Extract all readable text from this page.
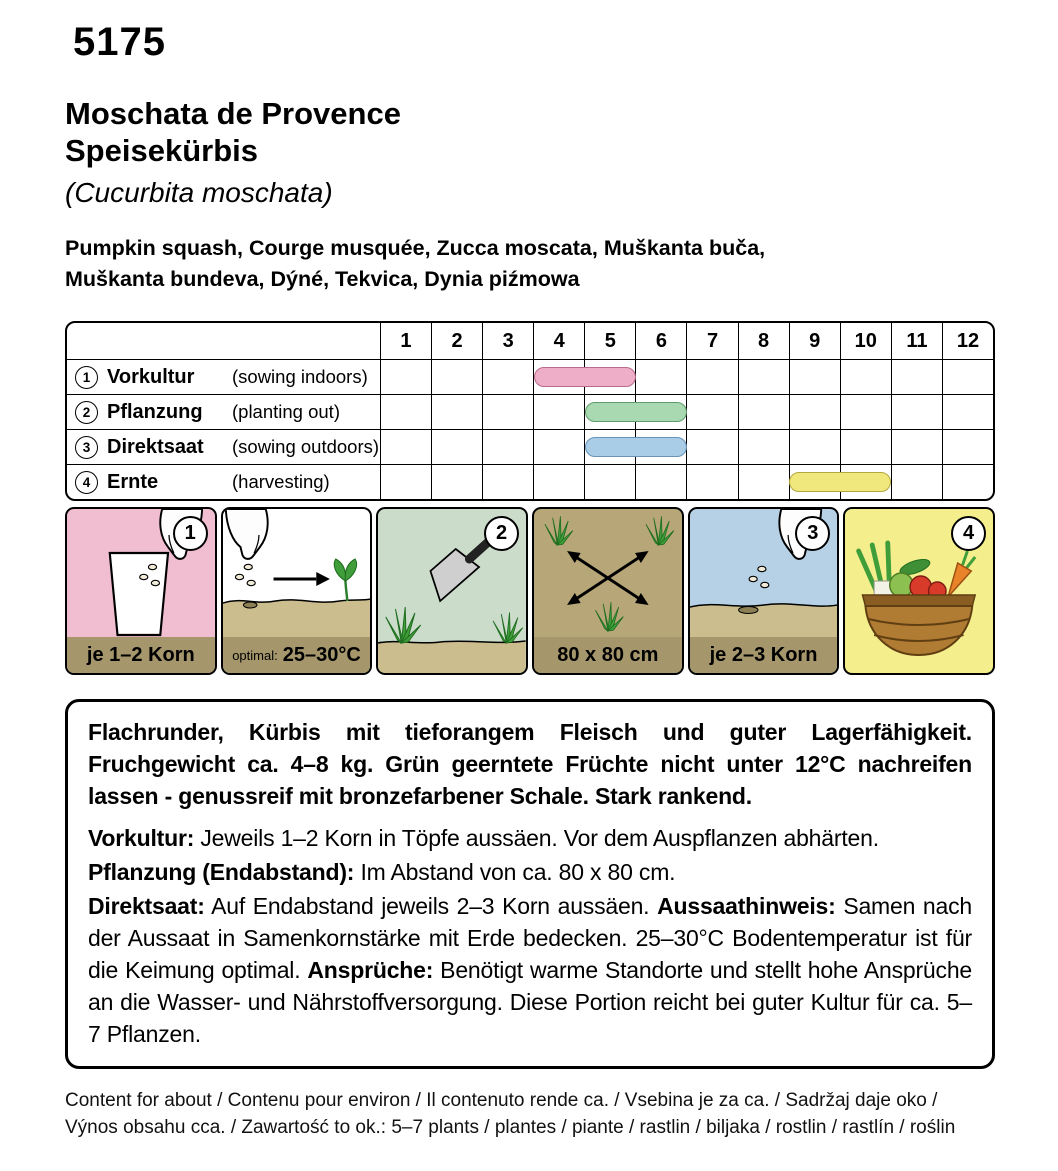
5175
Moschata de Provence
Speisekürbis
(Cucurbita moschata)
Pumpkin squash, Courge musquée, Zucca moscata, Muškanta buča,
Muškanta bundeva, Dýné, Tekvica, Dynia piźmowa
1	2	3	4	5	6	7	8	9	10	11	12
1 Vorkultur	(sowing indoors)
2 Pflanzung	(planting out)
3 Direktsaat	(sowing outdoors)
4 Ernte	(harvesting)
1
je 1–2 Korn	optimal: 25–30°C
2
80 x 80 cm
3
je 2–3 Korn
4

Flachrunder, Kürbis mit tieforangem Fleisch und guter Lagerfähigkeit. Fruchgewicht ca. 4–8 kg. Grün geerntete Früchte nicht unter 12°C nachreifen lassen - genussreif mit bronzefarbener Schale. Stark rankend.

Vorkultur: Jeweils 1–2 Korn in Töpfe aussäen. Vor dem Auspflanzen abhärten.

Pflanzung (Endabstand): Im Abstand von ca. 80 x 80 cm.

Direktsaat: Auf Endabstand jeweils 2–3 Korn aussäen. Aussaathinweis: Samen nach der Aussaat in Samenkornstärke mit Erde bedecken. 25–30°C Bodentemperatur ist für die Keimung optimal. Ansprüche: Benötigt warme Standorte und stellt hohe Ansprüche an die Wasser- und Nährstoffversorgung. Diese Portion reicht bei guter Kultur für ca. 5–7 Pflanzen.

Content for about / Contenu pour environ / Il contenuto rende ca. / Vsebina je za ca. / Sadržaj daje oko /
Výnos obsahu cca. / Zawartość to ok.: 5–7 plants / plantes / piante / rastlin / biljaka / rostlin / rastlín / roślin
